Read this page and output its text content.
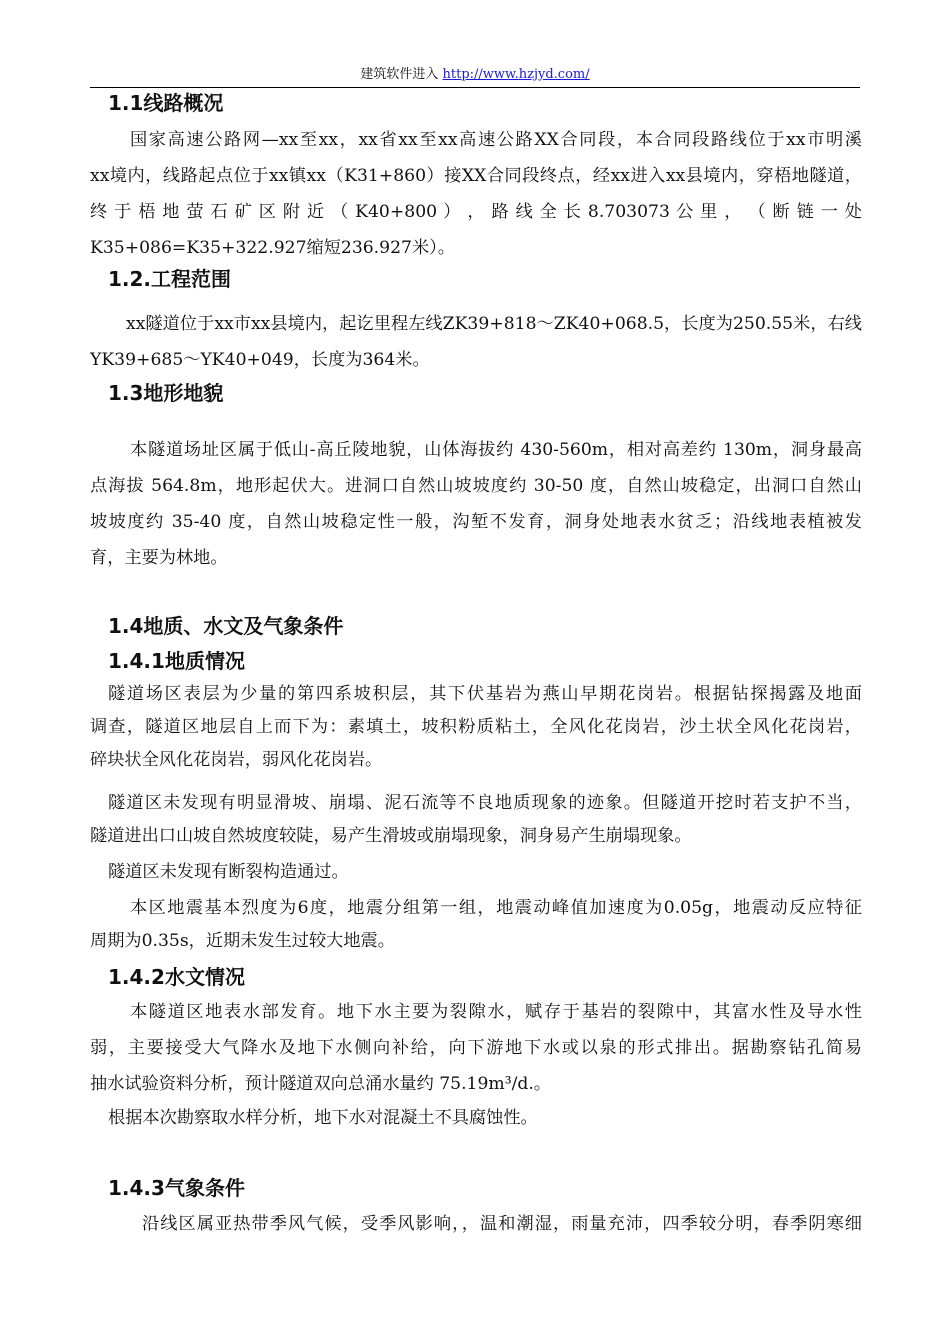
建筑软件进入 http://www.hzjyd.com/
1.1线路概况
国家高速公路网—xx至xx，xx省xx至xx高速公路XX合同段，本合同段路线位于xx市明溪
xx境内，线路起点位于xx镇xx（K31+860）接XX合同段终点，经xx进入xx县境内，穿梧地隧道，
终 于 梧 地 萤 石 矿 区 附 近 （ K40+800 ） ， 路 线 全 长 8.703073 公 里 ， （ 断 链 一 处
K35+086=K35+322.927缩短236.927米）。
1.2.工程范围
xx隧道位于xx市xx县境内，起讫里程左线ZK39+818～ZK40+068.5，长度为250.55米，右线
YK39+685～YK40+049，长度为364米。
1.3地形地貌
本隧道场址区属于低山-高丘陵地貌，山体海拔约 430-560m，相对高差约 130m，洞身最高
点海拔 564.8m，地形起伏大。进洞口自然山坡坡度约 30-50 度，自然山坡稳定，出洞口自然山
坡坡度约 35-40 度，自然山坡稳定性一般，沟堑不发育，洞身处地表水贫乏；沿线地表植被发
育，主要为林地。
1.4地质、水文及气象条件
1.4.1地质情况
隧道场区表层为少量的第四系坡积层，其下伏基岩为燕山早期花岗岩。根据钻探揭露及地面
调查，隧道区地层自上而下为：素填土，坡积粉质粘土，全风化花岗岩，沙土状全风化花岗岩，
碎块状全风化花岗岩，弱风化花岗岩。
隧道区未发现有明显滑坡、崩塌、泥石流等不良地质现象的迹象。但隧道开挖时若支护不当，
隧道进出口山坡自然坡度较陡，易产生滑坡或崩塌现象，洞身易产生崩塌现象。
隧道区未发现有断裂构造通过。
本区地震基本烈度为6度，地震分组第一组，地震动峰值加速度为0.05g，地震动反应特征
周期为0.35s，近期未发生过较大地震。
1.4.2水文情况
本隧道区地表水部发育。地下水主要为裂隙水，赋存于基岩的裂隙中，其富水性及导水性
弱，主要接受大气降水及地下水侧向补给，向下游地下水或以泉的形式排出。据勘察钻孔简易
抽水试验资料分析，预计隧道双向总涌水量约 75.19m³/d.。
根据本次勘察取水样分析，地下水对混凝土不具腐蚀性。
1.4.3气象条件
沿线区属亚热带季风气候，受季风影响，，温和潮湿，雨量充沛，四季较分明，春季阴寒细
